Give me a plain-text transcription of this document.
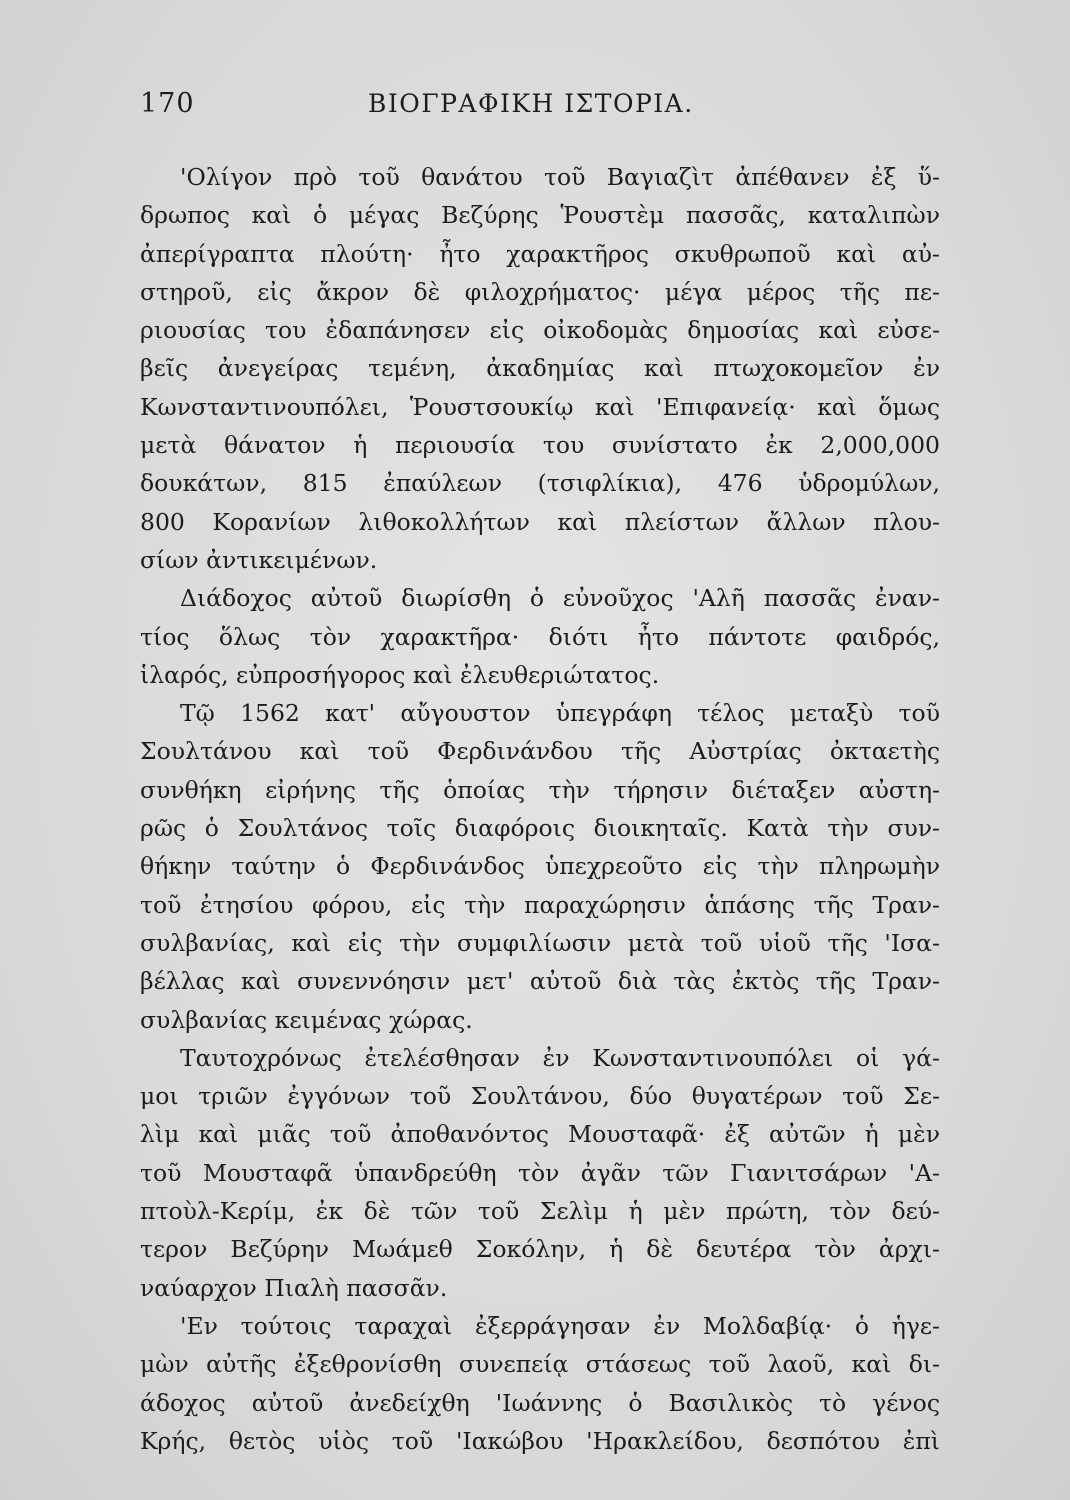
170	ΒΙΟΓΡΑΦΙΚΗ ΙΣΤΟΡΙΑ.
'Ολίγον πρὸ τοῦ θανάτου τοῦ Βαγιαζὶτ ἀπέθανεν ἐξ ὕ-
δρωπος καὶ ὁ μέγας Βεζύρης Ῥουστὲμ πασσᾶς, καταλιπὼν
ἀπερίγραπτα πλούτη· ἦτο χαρακτῆρος σκυθρωποῦ καὶ αὐ-
στηροῦ, εἰς ἄκρον δὲ φιλοχρήματος· μέγα μέρος τῆς πε-
ριουσίας του ἐδαπάνησεν εἰς οἰκοδομὰς δημοσίας καὶ εὐσε-
βεῖς ἀνεγείρας τεμένη, ἀκαδημίας καὶ πτωχοκομεῖον ἐν
Κωνσταντινουπόλει, Ῥουστσουκίῳ καὶ 'Επιφανείᾳ· καὶ ὅμως
μετὰ θάνατον ἡ περιουσία του συνίστατο ἐκ 2,000,000
δουκάτων, 815 ἐπαύλεων (τσιφλίκια), 476 ὑδρομύλων,
800 Κορανίων λιθοκολλήτων καὶ πλείστων ἄλλων πλου-
σίων ἀντικειμένων.
Διάδοχος αὐτοῦ διωρίσθη ὁ εὐνοῦχος 'Αλῆ πασσᾶς ἐναν-
τίος ὅλως τὸν χαρακτῆρα· διότι ἦτο πάντοτε φαιδρός,
ἱλαρός, εὐπροσήγορος καὶ ἐλευθεριώτατος.
Τῷ 1562 κατ' αὔγουστον ὑπεγράφη τέλος μεταξὺ τοῦ
Σουλτάνου καὶ τοῦ Φερδινάνδου τῆς Αὐστρίας ὀκταετὴς
συνθήκη εἰρήνης τῆς ὁποίας τὴν τήρησιν διέταξεν αὐστη-
ρῶς ὁ Σουλτάνος τοῖς διαφόροις διοικηταῖς. Κατὰ τὴν συν-
θήκην ταύτην ὁ Φερδινάνδος ὑπεχρεοῦτο εἰς τὴν πληρωμὴν
τοῦ ἐτησίου φόρου, εἰς τὴν παραχώρησιν ἁπάσης τῆς Τραν-
συλβανίας, καὶ εἰς τὴν συμφιλίωσιν μετὰ τοῦ υἱοῦ τῆς 'Ισα-
βέλλας καὶ συνεννόησιν μετ' αὐτοῦ διὰ τὰς ἐκτὸς τῆς Τραν-
συλβανίας κειμένας χώρας.
Ταυτοχρόνως ἐτελέσθησαν ἐν Κωνσταντινουπόλει οἱ γά-
μοι τριῶν ἐγγόνων τοῦ Σουλτάνου, δύο θυγατέρων τοῦ Σε-
λὶμ καὶ μιᾶς τοῦ ἀποθανόντος Μουσταφᾶ· ἐξ αὐτῶν ἡ μὲν
τοῦ Μουσταφᾶ ὑπανδρεύθη τὸν ἀγᾶν τῶν Γιανιτσάρων 'Α-
πτοὺλ-Κερίμ, ἐκ δὲ τῶν τοῦ Σελὶμ ἡ μὲν πρώτη, τὸν δεύ-
τερον Βεζύρην Μωάμεθ Σοκόλην, ἡ δὲ δευτέρα τὸν ἀρχι-
ναύαρχον Πιαλὴ πασσᾶν.
'Εν τούτοις ταραχαὶ ἐξερράγησαν ἐν Μολδαβίᾳ· ὁ ἡγε-
μὼν αὐτῆς ἐξεθρονίσθη συνεπείᾳ στάσεως τοῦ λαοῦ, καὶ δι-
άδοχος αὐτοῦ ἀνεδείχθη 'Ιωάννης ὁ Βασιλικὸς τὸ γένος
Κρής, θετὸς υἱὸς τοῦ 'Ιακώβου 'Ηρακλείδου, δεσπότου ἐπὶ
